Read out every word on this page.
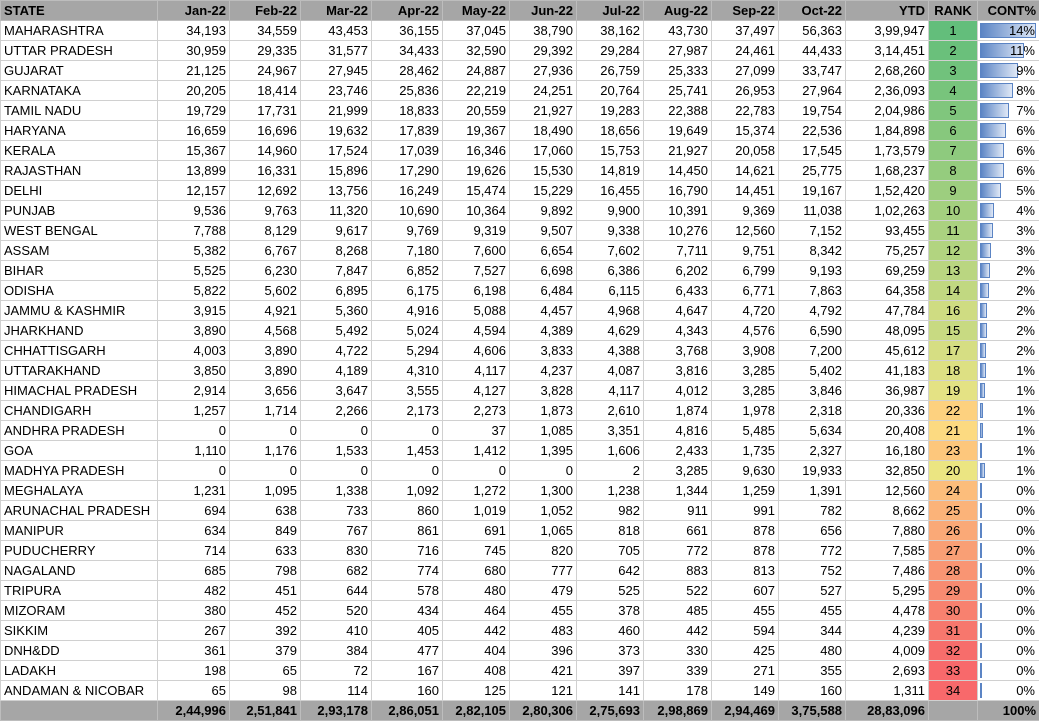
STATE	Jan-22	Feb-22	Mar-22	Apr-22	May-22	Jun-22	Jul-22	Aug-22	Sep-22	Oct-22	YTD	RANK	CONT%
MAHARASHTRA	34,193	34,559	43,453	36,155	37,045	38,790	38,162	43,730	37,497	56,363	3,99,947	1	14%
UTTAR PRADESH	30,959	29,335	31,577	34,433	32,590	29,392	29,284	27,987	24,461	44,433	3,14,451	2	11%
GUJARAT	21,125	24,967	27,945	28,462	24,887	27,936	26,759	25,333	27,099	33,747	2,68,260	3	9%
KARNATAKA	20,205	18,414	23,746	25,836	22,219	24,251	20,764	25,741	26,953	27,964	2,36,093	4	8%
TAMIL NADU	19,729	17,731	21,999	18,833	20,559	21,927	19,283	22,388	22,783	19,754	2,04,986	5	7%
HARYANA	16,659	16,696	19,632	17,839	19,367	18,490	18,656	19,649	15,374	22,536	1,84,898	6	6%
KERALA	15,367	14,960	17,524	17,039	16,346	17,060	15,753	21,927	20,058	17,545	1,73,579	7	6%
RAJASTHAN	13,899	16,331	15,896	17,290	19,626	15,530	14,819	14,450	14,621	25,775	1,68,237	8	6%
DELHI	12,157	12,692	13,756	16,249	15,474	15,229	16,455	16,790	14,451	19,167	1,52,420	9	5%
PUNJAB	9,536	9,763	11,320	10,690	10,364	9,892	9,900	10,391	9,369	11,038	1,02,263	10	4%
WEST BENGAL	7,788	8,129	9,617	9,769	9,319	9,507	9,338	10,276	12,560	7,152	93,455	11	3%
ASSAM	5,382	6,767	8,268	7,180	7,600	6,654	7,602	7,711	9,751	8,342	75,257	12	3%
BIHAR	5,525	6,230	7,847	6,852	7,527	6,698	6,386	6,202	6,799	9,193	69,259	13	2%
ODISHA	5,822	5,602	6,895	6,175	6,198	6,484	6,115	6,433	6,771	7,863	64,358	14	2%
JAMMU & KASHMIR	3,915	4,921	5,360	4,916	5,088	4,457	4,968	4,647	4,720	4,792	47,784	16	2%
JHARKHAND	3,890	4,568	5,492	5,024	4,594	4,389	4,629	4,343	4,576	6,590	48,095	15	2%
CHHATTISGARH	4,003	3,890	4,722	5,294	4,606	3,833	4,388	3,768	3,908	7,200	45,612	17	2%
UTTARAKHAND	3,850	3,890	4,189	4,310	4,117	4,237	4,087	3,816	3,285	5,402	41,183	18	1%
HIMACHAL PRADESH	2,914	3,656	3,647	3,555	4,127	3,828	4,117	4,012	3,285	3,846	36,987	19	1%
CHANDIGARH	1,257	1,714	2,266	2,173	2,273	1,873	2,610	1,874	1,978	2,318	20,336	22	1%
ANDHRA PRADESH	0	0	0	0	37	1,085	3,351	4,816	5,485	5,634	20,408	21	1%
GOA	1,110	1,176	1,533	1,453	1,412	1,395	1,606	2,433	1,735	2,327	16,180	23	1%
MADHYA PRADESH	0	0	0	0	0	0	2	3,285	9,630	19,933	32,850	20	1%
MEGHALAYA	1,231	1,095	1,338	1,092	1,272	1,300	1,238	1,344	1,259	1,391	12,560	24	0%
ARUNACHAL PRADESH	694	638	733	860	1,019	1,052	982	911	991	782	8,662	25	0%
MANIPUR	634	849	767	861	691	1,065	818	661	878	656	7,880	26	0%
PUDUCHERRY	714	633	830	716	745	820	705	772	878	772	7,585	27	0%
NAGALAND	685	798	682	774	680	777	642	883	813	752	7,486	28	0%
TRIPURA	482	451	644	578	480	479	525	522	607	527	5,295	29	0%
MIZORAM	380	452	520	434	464	455	378	485	455	455	4,478	30	0%
SIKKIM	267	392	410	405	442	483	460	442	594	344	4,239	31	0%
DNH&DD	361	379	384	477	404	396	373	330	425	480	4,009	32	0%
LADAKH	198	65	72	167	408	421	397	339	271	355	2,693	33	0%
ANDAMAN & NICOBAR	65	98	114	160	125	121	141	178	149	160	1,311	34	0%
	2,44,996	2,51,841	2,93,178	2,86,051	2,82,105	2,80,306	2,75,693	2,98,869	2,94,469	3,75,588	28,83,096		100%
